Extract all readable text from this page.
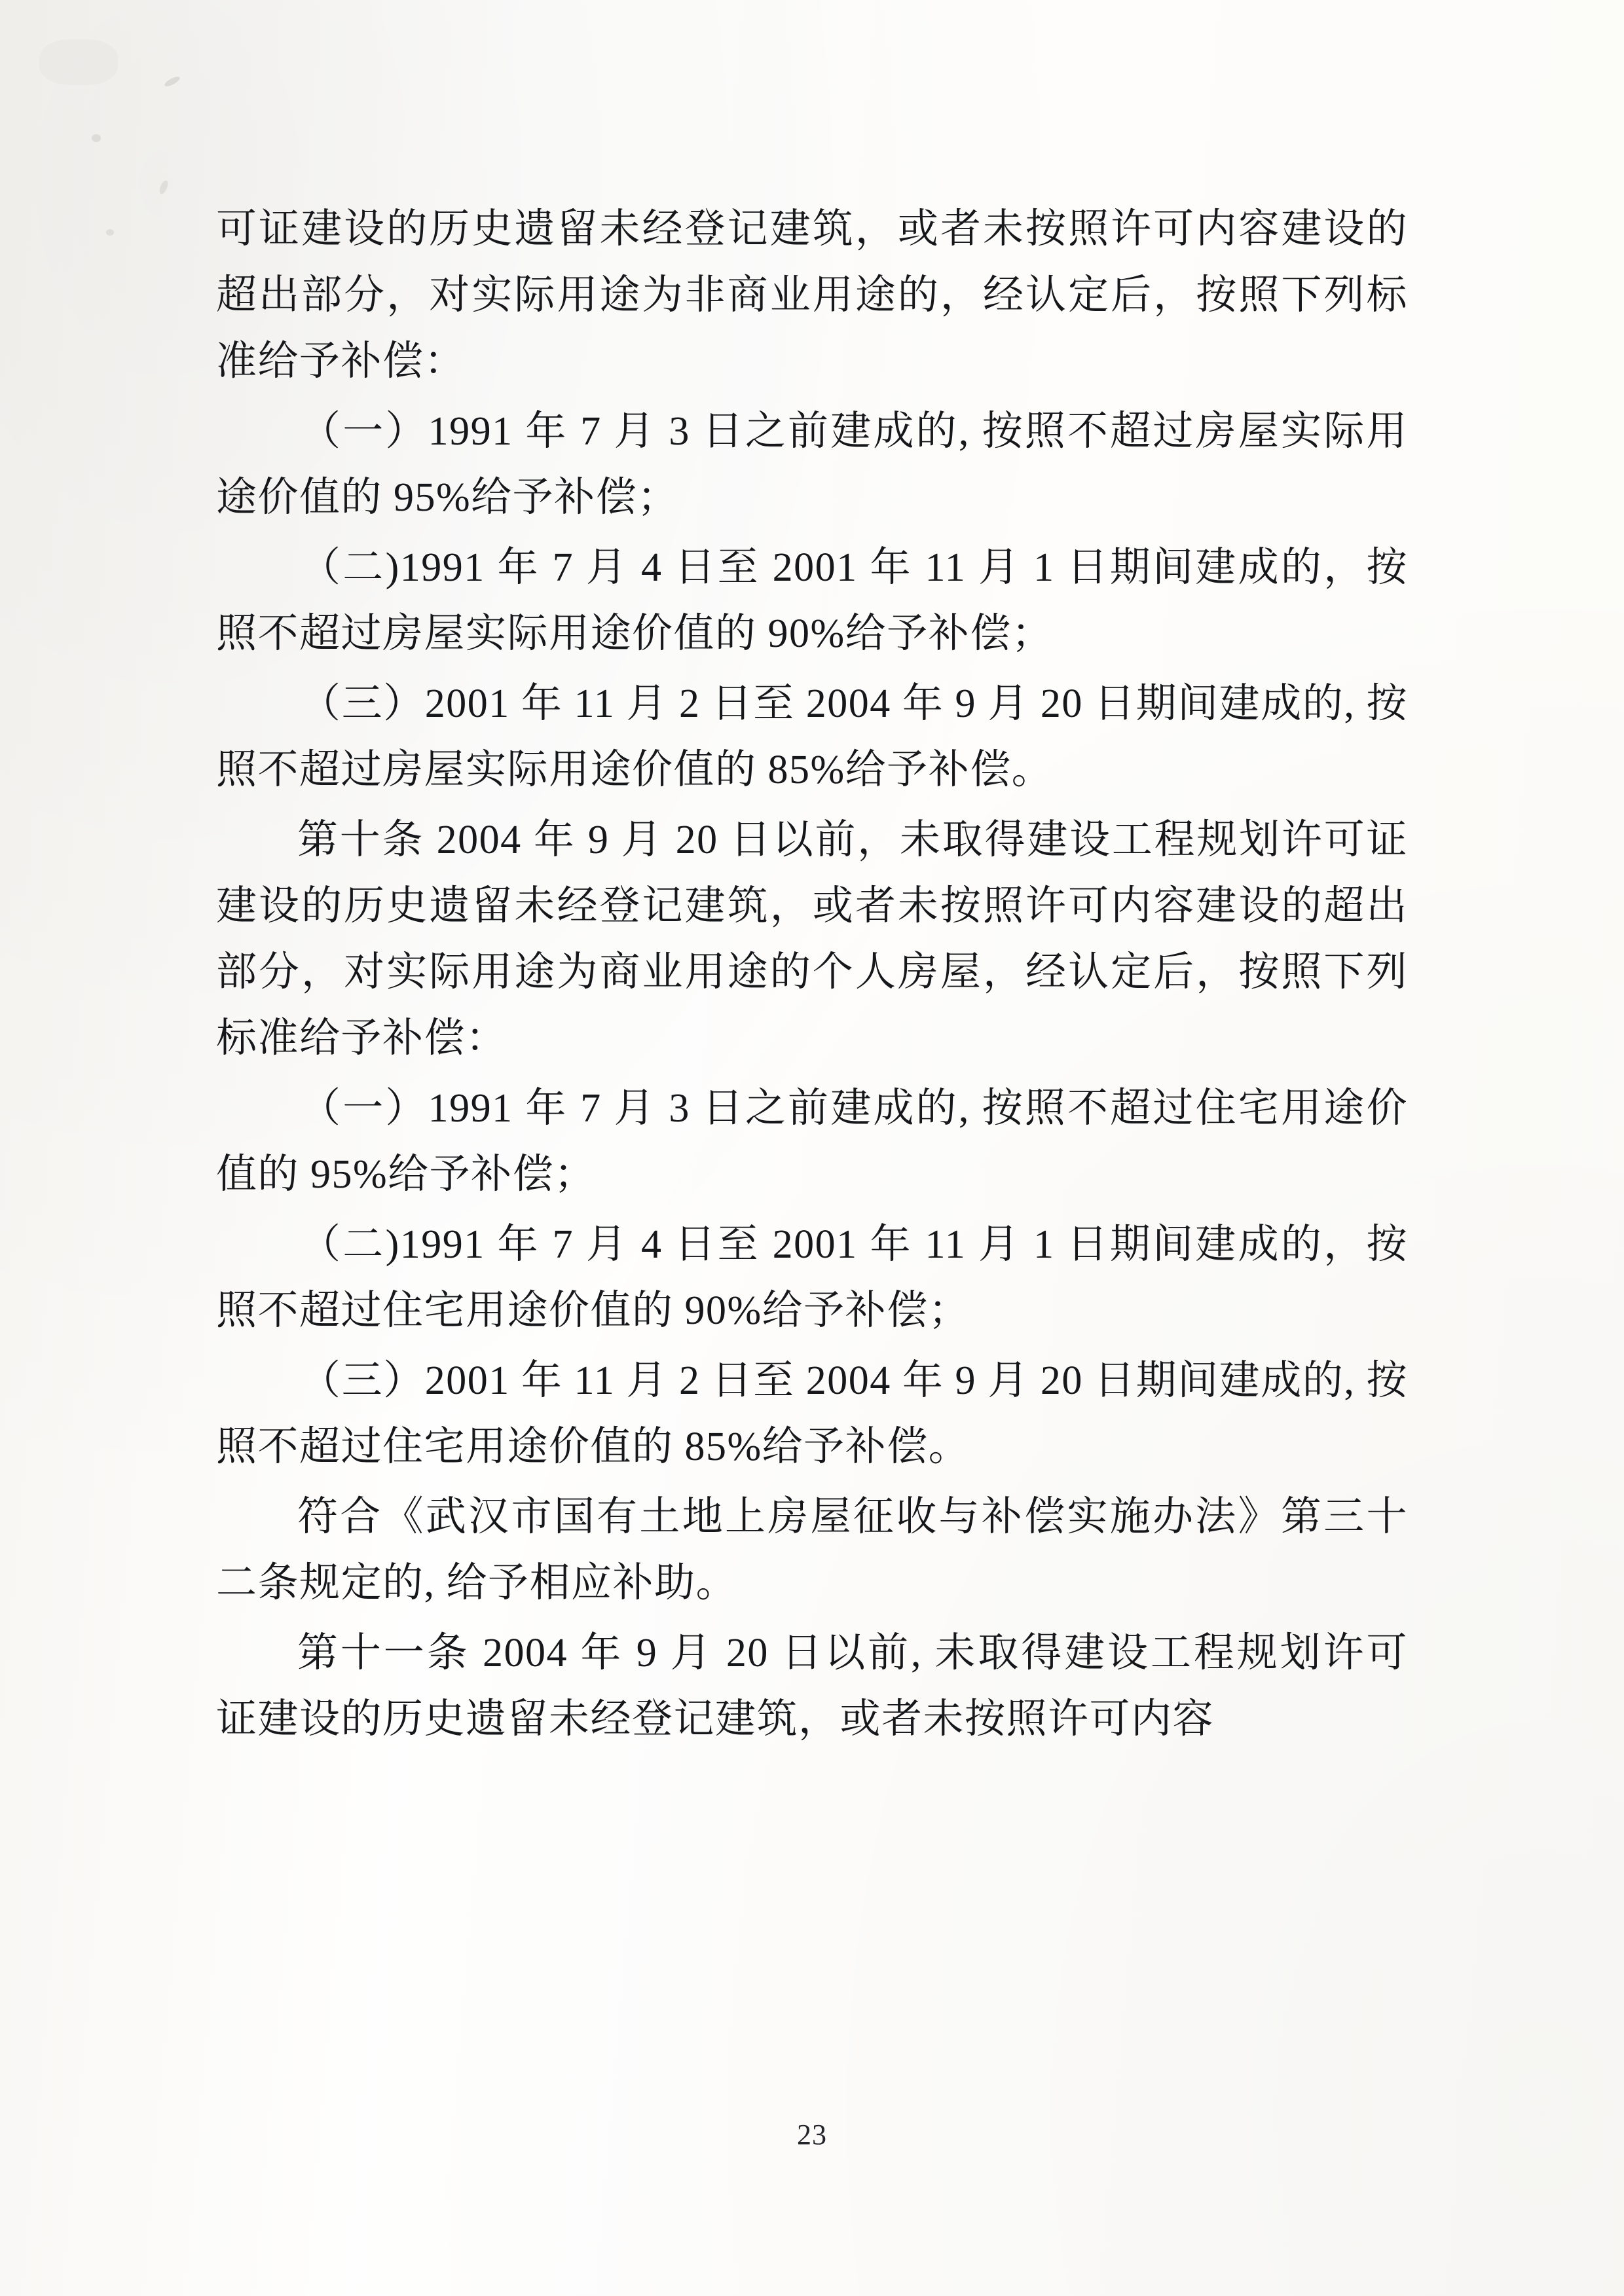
可证建设的历史遗留未经登记建筑，或者未按照许可内容建设的超出部分，对实际用途为非商业用途的，经认定后，按照下列标准给予补偿：

（一）1991 年 7 月 3 日之前建成的, 按照不超过房屋实际用途价值的 95%给予补偿；

（二)1991 年 7 月 4 日至 2001 年 11 月 1 日期间建成的，按照不超过房屋实际用途价值的 90%给予补偿；

（三）2001 年 11 月 2 日至 2004 年 9 月 20 日期间建成的, 按照不超过房屋实际用途价值的 85%给予补偿。

第十条 2004 年 9 月 20 日以前，未取得建设工程规划许可证建设的历史遗留未经登记建筑，或者未按照许可内容建设的超出部分，对实际用途为商业用途的个人房屋，经认定后，按照下列标准给予补偿：

（一）1991 年 7 月 3 日之前建成的, 按照不超过住宅用途价值的 95%给予补偿；

（二)1991 年 7 月 4 日至 2001 年 11 月 1 日期间建成的，按照不超过住宅用途价值的 90%给予补偿；

（三）2001 年 11 月 2 日至 2004 年 9 月 20 日期间建成的, 按照不超过住宅用途价值的 85%给予补偿。

符合《武汉市国有土地上房屋征收与补偿实施办法》第三十二条规定的, 给予相应补助。

第十一条 2004 年 9 月 20 日以前, 未取得建设工程规划许可证建设的历史遗留未经登记建筑，或者未按照许可内容

23
